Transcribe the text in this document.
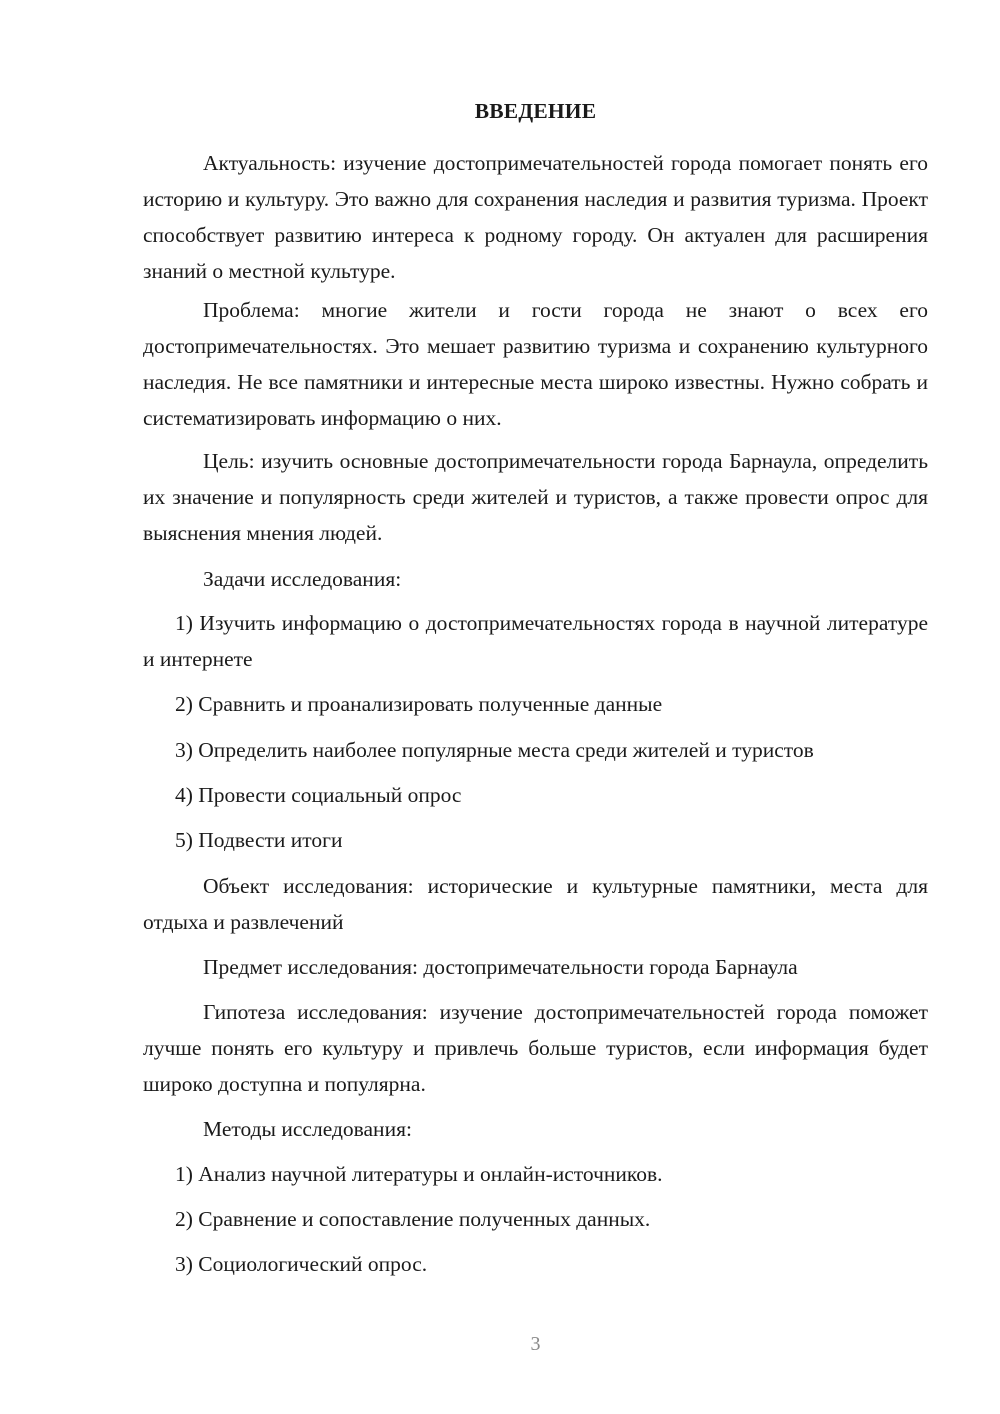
ВВЕДЕНИЕ
Актуальность: изучение достопримечательностей города помогает понять его историю и культуру. Это важно для сохранения наследия и развития туризма. Проект способствует развитию интереса к родному городу. Он актуален для расширения знаний о местной культуре.
Проблема: многие жители и гости города не знают о всех его достопримечательностях. Это мешает развитию туризма и сохранению культурного наследия. Не все памятники и интересные места широко известны. Нужно собрать и систематизировать информацию о них.
Цель: изучить основные достопримечательности города Барнаула, определить их значение и популярность среди жителей и туристов, а также провести опрос для выяснения мнения людей.
Задачи исследования:
1) Изучить информацию о достопримечательностях города в научной литературе и интернете
2) Сравнить и проанализировать полученные данные
3) Определить наиболее популярные места среди жителей и туристов
4) Провести социальный опрос
5) Подвести итоги
Объект исследования: исторические и культурные памятники, места для отдыха и развлечений
Предмет исследования: достопримечательности города Барнаула
Гипотеза исследования: изучение достопримечательностей города поможет лучше понять его культуру и привлечь больше туристов, если информация будет широко доступна и популярна.
Методы исследования:
1) Анализ научной литературы и онлайн-источников.
2) Сравнение и сопоставление полученных данных.
3) Социологический опрос.
3
